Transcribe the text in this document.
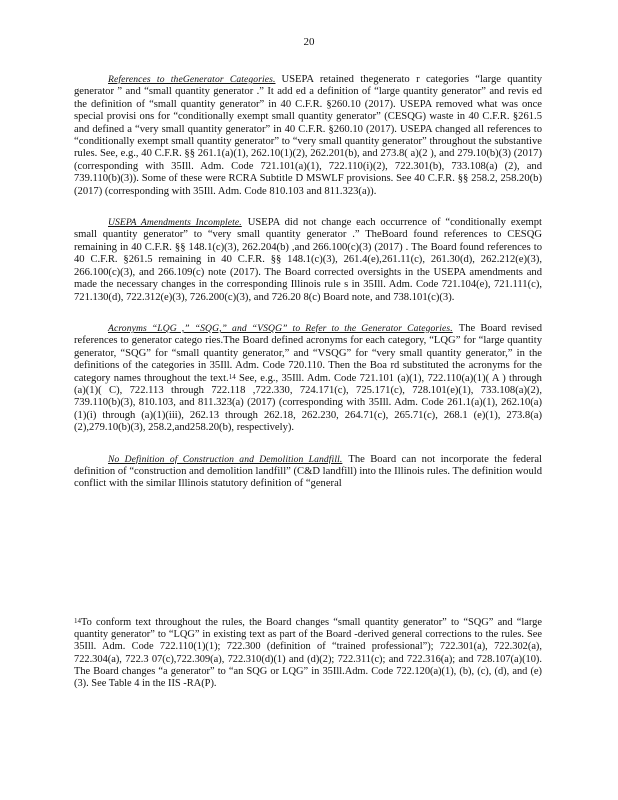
20

References to theGenerator Categories. USEPA retained thegenerato r categories “large quantity generator ” and “small quantity generator .” It add ed a definition of “large quantity generator” and revis ed the definition of “small quantity generator” in 40 C.F.R. §260.10 (2017). USEPA removed what was once special provisi ons for “conditionally exempt small quantity generator” (CESQG) waste in 40 C.F.R. §261.5 and defined a “very small quantity generator” in 40 C.F.R. §260.10 (2017). USEPA changed all references to “conditionally exempt small quantity generator” to “very small quantity generator” throughout the substantive rules. See, e.g., 40 C.F.R. §§ 261.1(a)(1), 262.10(1)(2), 262.201(b), and 273.8( a)(2 ), and 279.10(b)(3) (2017) (corresponding with 35Ill. Adm. Code 721.101(a)(1), 722.110(i)(2), 722.301(b), 733.108(a) (2), and 739.110(b)(3)). Some of these were RCRA Subtitle D MSWLF provisions. See 40 C.F.R. §§ 258.2, 258.20(b) (2017) (corresponding with 35Ill. Adm. Code 810.103 and 811.323(a)).

USEPA Amendments Incomplete. USEPA did not change each occurrence of “conditionally exempt small quantity generator” to “very small quantity generator .” TheBoard found references to CESQG remaining in 40 C.F.R. §§ 148.1(c)(3), 262.204(b) ,and 266.100(c)(3) (2017) . The Board found references to 40 C.F.R. §261.5 remaining in 40 C.F.R. §§ 148.1(c)(3), 261.4(e),261.11(c), 261.30(d), 262.212(e)(3), 266.100(c)(3), and 266.109(c) note (2017). The Board corrected oversights in the USEPA amendments and made the necessary changes in the corresponding Illinois rule s in 35Ill. Adm. Code 721.104(e), 721.111(c), 721.130(d), 722.312(e)(3), 726.200(c)(3), and 726.20 8(c) Board note, and 738.101(c)(3).

Acronyms “LQG ,” “SQG,” and “VSQG” to Refer to the Generator Categories. The Board revised references to generator catego ries.The Board defined acronyms for each category, “LQG” for “large quantity generator, “SQG” for “small quantity generator,” and “VSQG” for “very small quantity generator,” in the definitions of the categories in 35Ill. Adm. Code 720.110. Then the Boa rd substituted the acronyms for the category names throughout the text.$^{14}$ See, e.g., 35Ill. Adm. Code 721.101 (a)(1), 722.110(a)(1)( A ) through (a)(1)( C), 722.113 through 722.118 ,722.330, 724.171(c), 725.171(c), 728.101(e)(1), 733.108(a)(2), 739.110(b)(3), 810.103, and 811.323(a) (2017) (corresponding with 35Ill. Adm. Code 261.1(a)(1), 262.10(a)(1)(i) through (a)(1)(iii), 262.13 through 262.18, 262.230, 264.71(c), 265.71(c), 268.1 (e)(1), 273.8(a)(2),279.10(b)(3), 258.2,and258.20(b), respectively).

No Definition of Construction and Demolition Landfill. The Board can not incorporate the federal definition of “construction and demolition landfill” (C&D landfill) into the Illinois rules. The definition would conflict with the similar Illinois statutory definition of “general

$^{14}$To conform text throughout the rules, the Board changes “small quantity generator” to “SQG” and “large quantity generator” to “LQG” in existing text as part of the Board -derived general corrections to the rules. See 35Ill. Adm. Code 722.110(1)(1); 722.300 (definition of “trained professional”); 722.301(a), 722.302(a), 722.304(a), 722.3 07(c),722.309(a), 722.310(d)(1) and (d)(2); 722.311(c); and 722.316(a); and 728.107(a)(10). The Board changes “a generator” to “an SQG or LQG” in 35Ill.Adm. Code 722.120(a)(1), (b), (c), (d), and (e)(3). See Table 4 in the IIS -RA(P).
